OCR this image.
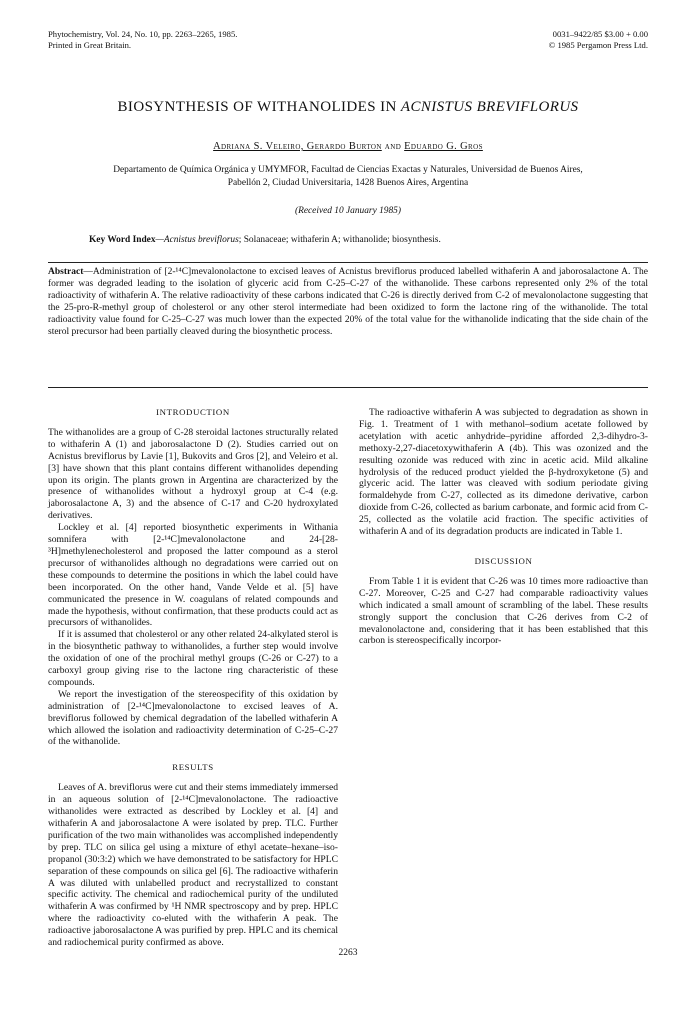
Phytochemistry, Vol. 24, No. 10, pp. 2263–2265, 1985.
Printed in Great Britain.
0031–9422/85 $3.00 + 0.00
© 1985 Pergamon Press Ltd.
BIOSYNTHESIS OF WITHANOLIDES IN ACNISTUS BREVIFLORUS
Adriana S. Veleiro, Gerardo Burton and Eduardo G. Gros
Departamento de Química Orgánica y UMYMFOR, Facultad de Ciencias Exactas y Naturales, Universidad de Buenos Aires,
Pabellón 2, Ciudad Universitaria, 1428 Buenos Aires, Argentina
(Received 10 January 1985)
Key Word Index—Acnistus breviflorus; Solanaceae; withaferin A; withanolide; biosynthesis.
Abstract—Administration of [2-¹⁴C]mevalonolactone to excised leaves of Acnistus breviflorus produced labelled withaferin A and jaborosalactone A. The former was degraded leading to the isolation of glyceric acid from C-25–C-27 of the withanolide. These carbons represented only 2% of the total radioactivity of withaferin A. The relative radioactivity of these carbons indicated that C-26 is directly derived from C-2 of mevalonolactone suggesting that the 25-pro-R-methyl group of cholesterol or any other sterol intermediate had been oxidized to form the lactone ring of the withanolide. The total radioactivity value found for C-25–C-27 was much lower than the expected 20% of the total value for the withanolide indicating that the side chain of the sterol precursor had been partially cleaved during the biosynthetic process.
INTRODUCTION

The withanolides are a group of C-28 steroidal lactones structurally related to withaferin A (1) and jaborosalactone D (2). Studies carried out on Acnistus breviflorus by Lavie [1], Bukovits and Gros [2], and Veleiro et al. [3] have shown that this plant contains different withanolides depending upon its origin. The plants grown in Argentina are characterized by the presence of withanolides without a hydroxyl group at C-4 (e.g. jaborosalactone A, 3) and the absence of C-17 and C-20 hydroxylated derivatives.

Lockley et al. [4] reported biosynthetic experiments in Withania somnifera with [2-¹⁴C]mevalonolactone and 24-[28-³H]methylenecholesterol and proposed the latter compound as a sterol precursor of withanolides although no degradations were carried out on these compounds to determine the positions in which the label could have been incorporated. On the other hand, Vande Velde et al. [5] have communicated the presence in W. coagulans of related compounds and made the hypothesis, without confirmation, that these products could act as precursors of withanolides.

If it is assumed that cholesterol or any other related 24-alkylated sterol is in the biosynthetic pathway to withanolides, a further step would involve the oxidation of one of the prochiral methyl groups (C-26 or C-27) to a carboxyl group giving rise to the lactone ring characteristic of these compounds.

We report the investigation of the stereospecifity of this oxidation by administration of [2-¹⁴C]mevalonolactone to excised leaves of A. breviflorus followed by chemical degradation of the labelled withaferin A which allowed the isolation and radioactivity determination of C-25–C-27 of the withanolide.

RESULTS

Leaves of A. breviflorus were cut and their stems immediately immersed in an aqueous solution of [2-¹⁴C]mevalonolactone. The radioactive withanolides were extracted as described by Lockley et al. [4] and withaferin A and jaborosalactone A were isolated by prep. TLC. Further purification of the two main withanolides was accomplished independently by prep. TLC on silica gel using a mixture of ethyl acetate–hexane–iso-propanol (30:3:2) which we have demonstrated to be satisfactory for HPLC separation of these compounds on silica gel [6]. The radioactive withaferin A was diluted with unlabelled product and recrystallized to constant specific activity. The chemical and radiochemical purity of the undiluted withaferin A was confirmed by ¹H NMR spectroscopy and by prep. HPLC where the radioactivity co-eluted with the withaferin A peak. The radioactive jaborosalactone A was purified by prep. HPLC and its chemical and radiochemical purity confirmed as above.

The radioactive withaferin A was subjected to degradation as shown in Fig. 1. Treatment of 1 with methanol–sodium acetate followed by acetylation with acetic anhydride–pyridine afforded 2,3-dihydro-3-methoxy-2,27-diacetoxywithaferin A (4b). This was ozonized and the resulting ozonide was reduced with zinc in acetic acid. Mild alkaline hydrolysis of the reduced product yielded the β-hydroxyketone (5) and glyceric acid. The latter was cleaved with sodium periodate giving formaldehyde from C-27, collected as its dimedone derivative, carbon dioxide from C-26, collected as barium carbonate, and formic acid from C-25, collected as the volatile acid fraction. The specific activities of withaferin A and of its degradation products are indicated in Table 1.

DISCUSSION

From Table 1 it is evident that C-26 was 10 times more radioactive than C-27. Moreover, C-25 and C-27 had comparable radioactivity values which indicated a small amount of scrambling of the label. These results strongly support the conclusion that C-26 derives from C-2 of mevalonolactone and, considering that it has been established that this carbon is stereospecifically incorpor-

2263
